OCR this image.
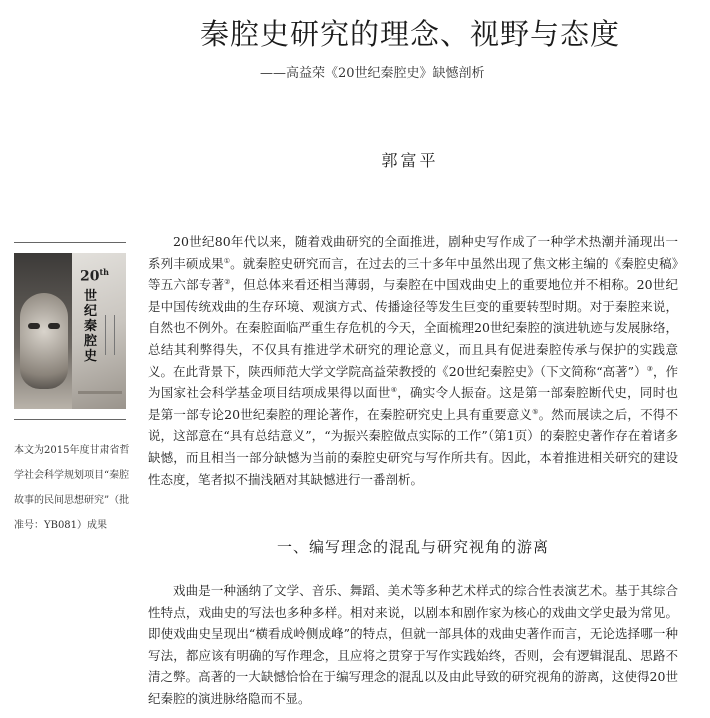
秦腔史研究的理念、视野与态度
——高益荣《20世纪秦腔史》缺憾剖析
郭富平
20th
世纪秦腔史
本文为2015年度甘肃省哲学社会科学规划项目“秦腔故事的民间思想研究”（批准号：YB081）成果

20世纪80年代以来，随着戏曲研究的全面推进，剧种史写作成了一种学术热潮并涌现出一系列丰硕成果①。就秦腔史研究而言，在过去的三十多年中虽然出现了焦文彬主编的《秦腔史稿》等五六部专著②，但总体来看还相当薄弱，与秦腔在中国戏曲史上的重要地位并不相称。20世纪是中国传统戏曲的生存环境、观演方式、传播途径等发生巨变的重要转型时期。对于秦腔来说，自然也不例外。在秦腔面临严重生存危机的今天，全面梳理20世纪秦腔的演进轨迹与发展脉络，总结其利弊得失，不仅具有推进学术研究的理论意义，而且具有促进秦腔传承与保护的实践意义。在此背景下，陕西师范大学文学院高益荣教授的《20世纪秦腔史》（下文简称“高著”）③，作为国家社会科学基金项目结项成果得以面世④，确实令人振奋。这是第一部秦腔断代史，同时也是第一部专论20世纪秦腔的理论著作，在秦腔研究史上具有重要意义⑤。然而展读之后，不得不说，这部意在“具有总结意义”，“为振兴秦腔做点实际的工作”（第1页）的秦腔史著作存在着诸多缺憾，而且相当一部分缺憾为当前的秦腔史研究与写作所共有。因此，本着推进相关研究的建设性态度，笔者拟不揣浅陋对其缺憾进行一番剖析。

一、编写理念的混乱与研究视角的游离

戏曲是一种涵纳了文学、音乐、舞蹈、美术等多种艺术样式的综合性表演艺术。基于其综合性特点，戏曲史的写法也多种多样。相对来说，以剧本和剧作家为核心的戏曲文学史最为常见。即使戏曲史呈现出“横看成岭侧成峰”的特点，但就一部具体的戏曲史著作而言，无论选择哪一种写法，都应该有明确的写作理念，且应将之贯穿于写作实践始终，否则，会有逻辑混乱、思路不清之弊。高著的一大缺憾恰恰在于编写理念的混乱以及由此导致的研究视角的游离，这使得20世纪秦腔的演进脉络隐而不显。
